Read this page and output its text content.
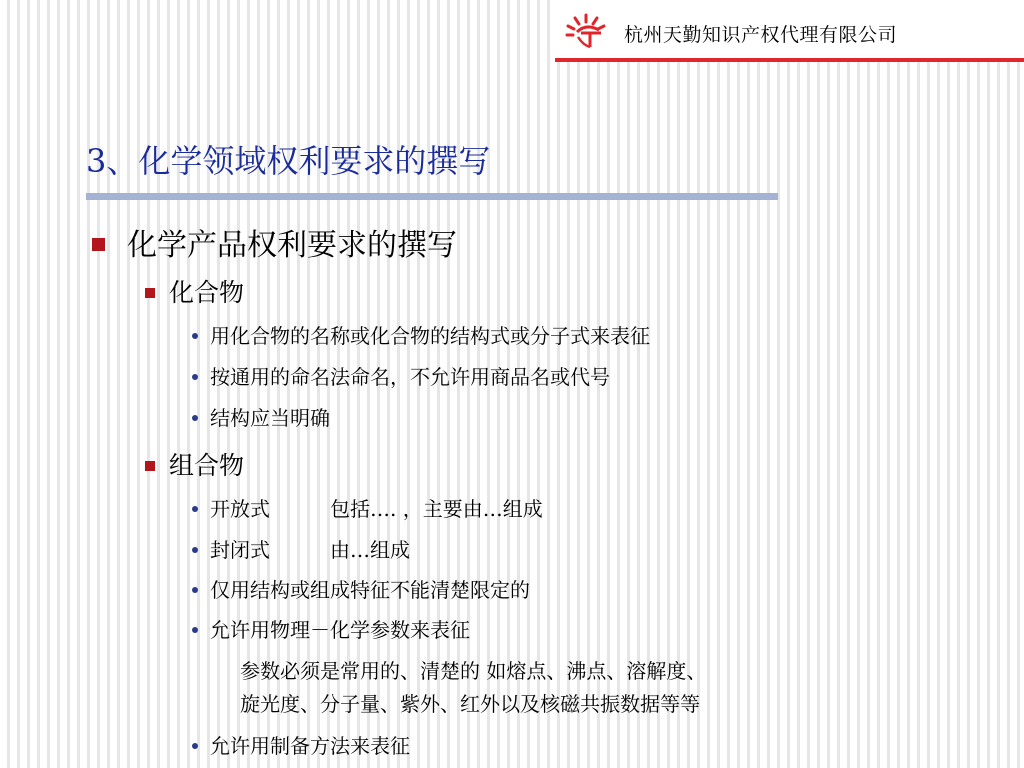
杭州天勤知识产权代理有限公司
3、化学领域权利要求的撰写
化学产品权利要求的撰写
化合物
用化合物的名称或化合物的结构式或分子式来表征
按通用的命名法命名，不允许用商品名或代号
结构应当明确
组合物
开放式	包括…. ，主要由…组成
封闭式	由…组成
仅用结构或组成特征不能清楚限定的
允许用物理－化学参数来表征
参数必须是常用的、清楚的 如熔点、沸点、溶解度、
旋光度、分子量、紫外、红外以及核磁共振数据等等
允许用制备方法来表征
